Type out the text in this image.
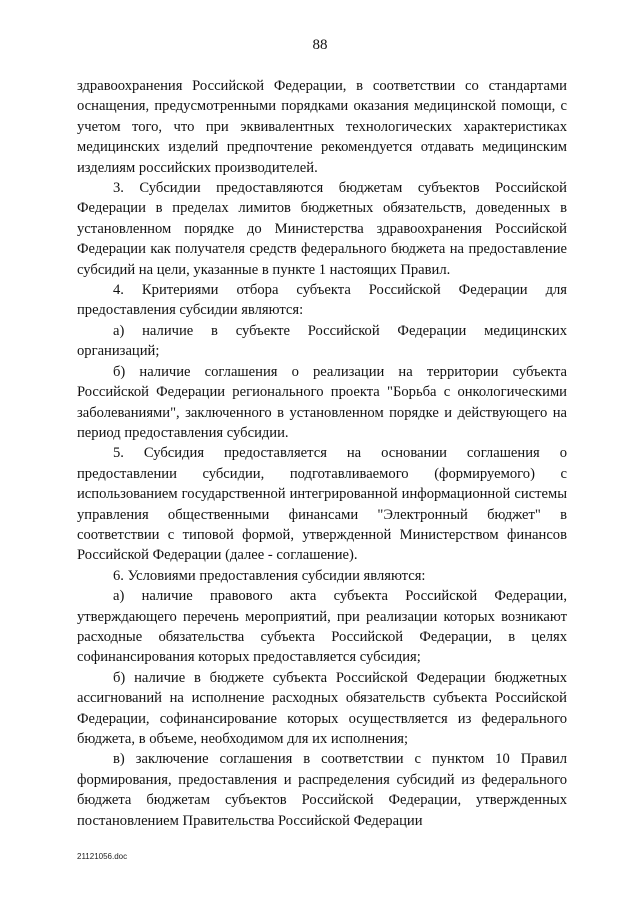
88

здравоохранения Российской Федерации, в соответствии со стандартами оснащения, предусмотренными порядками оказания медицинской помощи, с учетом того, что при эквивалентных технологических характеристиках медицинских изделий предпочтение рекомендуется отдавать медицинским изделиям российских производителей.

3. Субсидии предоставляются бюджетам субъектов Российской Федерации в пределах лимитов бюджетных обязательств, доведенных в установленном порядке до Министерства здравоохранения Российской Федерации как получателя средств федерального бюджета на предоставление субсидий на цели, указанные в пункте 1 настоящих Правил.

4. Критериями отбора субъекта Российской Федерации для предоставления субсидии являются:

а) наличие в субъекте Российской Федерации медицинских организаций;

б) наличие соглашения о реализации на территории субъекта Российской Федерации регионального проекта "Борьба с онкологическими заболеваниями", заключенного в установленном порядке и действующего на период предоставления субсидии.

5. Субсидия предоставляется на основании соглашения о предоставлении субсидии, подготавливаемого (формируемого) с использованием государственной интегрированной информационной системы управления общественными финансами "Электронный бюджет" в соответствии с типовой формой, утвержденной Министерством финансов Российской Федерации (далее - соглашение).

6. Условиями предоставления субсидии являются:

а) наличие правового акта субъекта Российской Федерации, утверждающего перечень мероприятий, при реализации которых возникают расходные обязательства субъекта Российской Федерации, в целях софинансирования которых предоставляется субсидия;

б) наличие в бюджете субъекта Российской Федерации бюджетных ассигнований на исполнение расходных обязательств субъекта Российской Федерации, софинансирование которых осуществляется из федерального бюджета, в объеме, необходимом для их исполнения;

в) заключение соглашения в соответствии с пунктом 10 Правил формирования, предоставления и распределения субсидий из федерального бюджета бюджетам субъектов Российской Федерации, утвержденных постановлением Правительства Российской Федерации

21121056.doc
